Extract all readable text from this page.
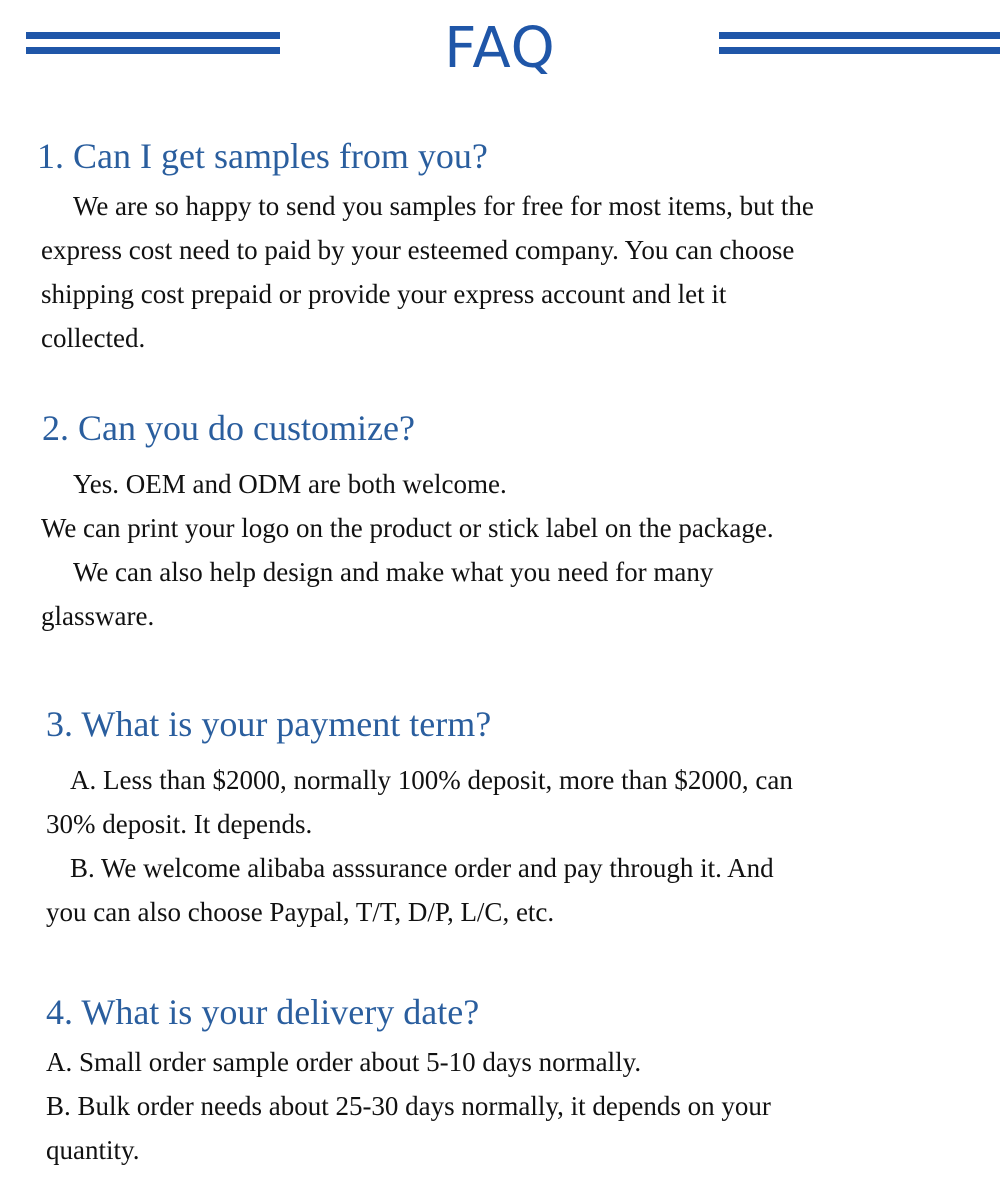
FAQ
1. Can I get samples from you?
We are so happy to send you samples for free for most items, but the
express cost need to paid by your esteemed company. You can choose
shipping cost prepaid or provide your express account and let it
collected.
2. Can you do customize?
Yes. OEM and ODM are both welcome.
We can print your logo on the product or stick label on the package.
We can also help design and make what you need for many
glassware.
3. What is your payment term?
A. Less than $2000, normally 100% deposit, more than $2000, can
30% deposit. It depends.
B. We welcome alibaba asssurance order and pay through it. And
you can also choose Paypal, T/T, D/P, L/C, etc.
4. What is your delivery date?
A. Small order sample order about 5-10 days normally.
B. Bulk order needs about 25-30 days normally, it depends on your
quantity.
